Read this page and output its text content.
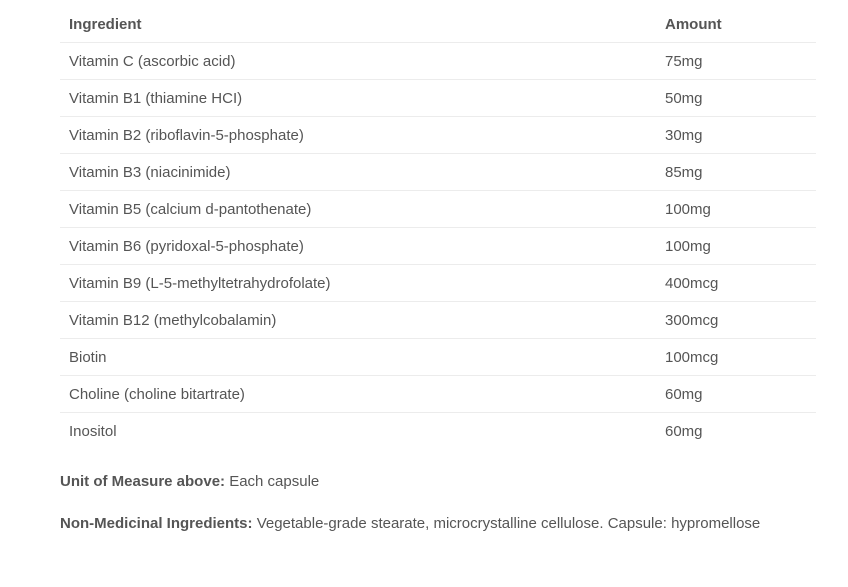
Ingredient	Amount
Vitamin C (ascorbic acid)	75mg
Vitamin B1 (thiamine HCI)	50mg
Vitamin B2 (riboflavin-5-phosphate)	30mg
Vitamin B3 (niacinimide)	85mg
Vitamin B5 (calcium d-pantothenate)	100mg
Vitamin B6 (pyridoxal-5-phosphate)	100mg
Vitamin B9 (L-5-methyltetrahydrofolate)	400mcg
Vitamin B12 (methylcobalamin)	300mcg
Biotin	100mcg
Choline (choline bitartrate)	60mg
Inositol	60mg

Unit of Measure above: Each capsule

Non-Medicinal Ingredients: Vegetable-grade stearate, microcrystalline cellulose. Capsule: hypromellose
